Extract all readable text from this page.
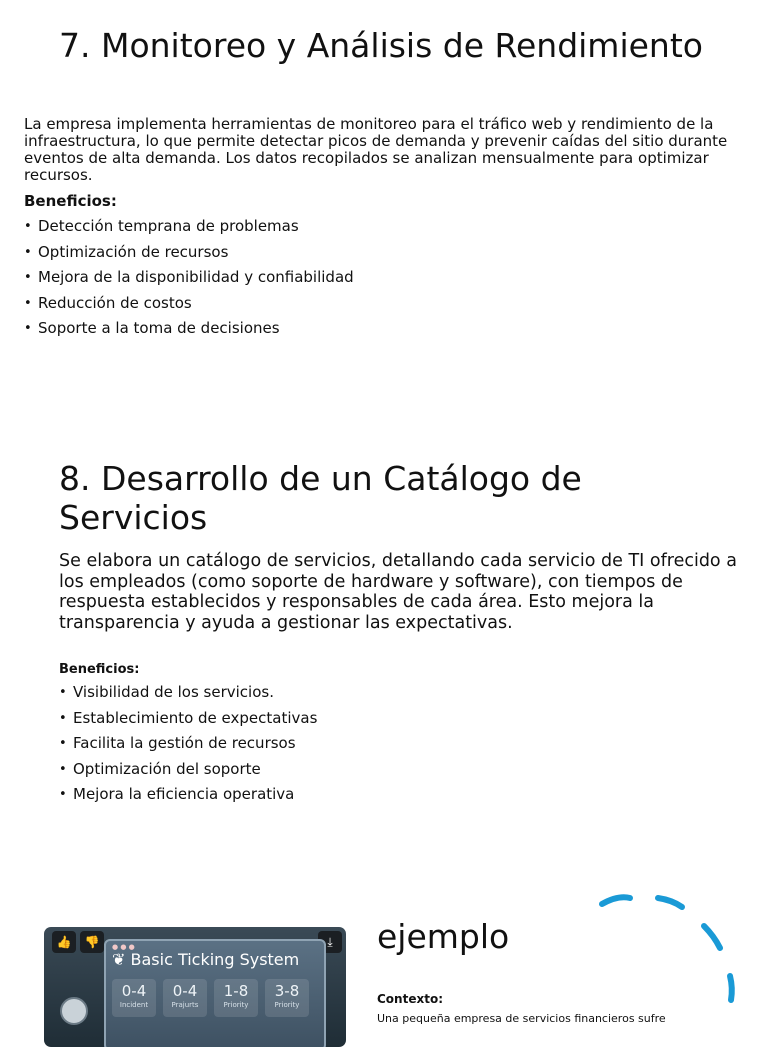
7. Monitoreo y Análisis de Rendimiento
La empresa implementa herramientas de monitoreo para el tráfico web y rendimiento de la infraestructura, lo que permite detectar picos de demanda y prevenir caídas del sitio durante eventos de alta demanda. Los datos recopilados se analizan mensualmente para optimizar recursos.
Beneficios:
• Detección temprana de problemas
• Optimización de recursos
• Mejora de la disponibilidad y confiabilidad
• Reducción de costos
• Soporte a la toma de decisiones
8. Desarrollo de un Catálogo de Servicios
Se elabora un catálogo de servicios, detallando cada servicio de TI ofrecido a los empleados (como soporte de hardware y software), con tiempos de respuesta establecidos y responsables de cada área. Esto mejora la transparencia y ayuda a gestionar las expectativas.
Beneficios:
• Visibilidad de los servicios.
• Establecimiento de expectativas
• Facilita la gestión de recursos
• Optimización del soporte
• Mejora la eficiencia operativa
👍	👎	⤓
● ● ●
❦ Basic Ticking System
0-4
Incident
0-4
Prajurts
1-8
Priority
3-8
Priority
ejemplo
Contexto:
Una pequeña empresa de servicios financieros sufre
